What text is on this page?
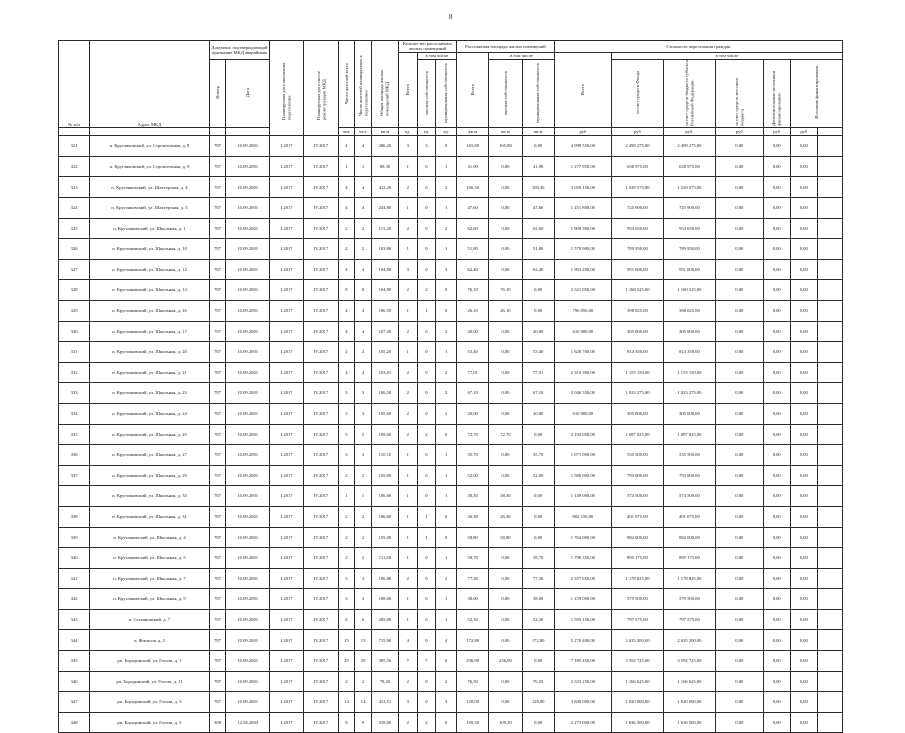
8
№ п/п	Адрес МКД	Документ, подтверждающий признание МКД аварийным		Планируемая дата окончания переселения	Планируемая дата сноса/ реконструкции МКД	Число жителей всего	Число жителей планируемых к переселению	Общая площадь жилых помещений МКД	Количество расселяемых жилых помещений			Расселяемая площадь жилых помещений			Стоимость переселения граждан						
									Всего	в том числе		Всего	в том числе		Всего	в том числе					
		Номер	Дата							частная собственность	муниципальная собственность		частная собственность	муниципальная собственность		за счет средств Фонда	за счет средств бюджета субъекта Российской Федерации	за счет средств местного бюджета	Дополнительные источники финансирования	Источник финансирования	
						чел.	чел.	кв.м	ед.	ед.	ед.	кв.м	кв.м	кв.м	руб	руб	руб.	руб	руб	руб	
321	п. Кругликовский, ул. Строительная, д. 8	787	10.09.2001	I.2017	IV.2017	4	4	286,20	3	3	0	165,80	165,80	0,00	4 998 550,00	2 499 275,00	2 499 275,00	0,00	0,00	0,00	
322	п. Кругликовский, ул. Строительная, д. 9	787	10.09.2001	I.2017	IV.2017	1	1	80,30	1	0	1	41,90	0,00	41,90	1 277 950,00	638 975,00	638 975,00	0,00	0,00	0,00	
323	п. Кругликовский, ул. Шахтерская, д. 4	787	10.09.2001	I.2017	IV.2017	4	4	412,20	2	0	2	100,30	0,00	100,30	3 059 150,00	1 529 575,00	1 529 575,00	0,00	0,00	0,00	
324	п. Кругликовский, ул. Шахтерская, д. 5	787	10.09.2001	I.2017	IV.2017	4	4	234,80	1	0	1	47,60	0,00	47,60	1 451 800,00	725 900,00	725 900,00	0,00	0,00	0,00	
325	п. Кругликовский, ул. Школьная, д. 1	787	10.09.2001	I.2017	IV.2017	2	2	115,20	2	0	2	62,60	0,00	62,60	1 909 300,00	954 650,00	954 650,00	0,00	0,00	0,00	
326	п. Кругликовский, ул. Школьная, д. 10	787	10.09.2001	I.2017	IV.2017	2	2	103,80	1	0	1	51,80	0,00	51,80	1 579 900,00	789 950,00	789 950,00	0,00	0,00	0,00	
327	п. Кругликовский, ул. Школьная, д. 12	787	10.09.2001	I.2017	IV.2017	4	4	104,90	3	0	3	62,40	0,00	62,40	1 903 200,00	951 600,00	951 600,00	0,00	0,00	0,00	
328	п. Кругликовский, ул. Школьная, д. 14	787	10.09.2001	I.2017	IV.2017	8	8	104,90	2	2	0	76,10	76,10	0,00	2 321 050,00	1 160 525,00	1 160 525,00	0,00	0,00	0,00	
329	п. Кругликовский, ул. Школьная, д. 16	787	10.09.2001	I.2017	IV.2017	4	4	106,50	1	1	0	26,10	26,10	0,00	796 050,00	398 025,00	398 025,00	0,00	0,00	0,00	
330	п. Кругликовский, ул. Школьная, д. 17	787	10.09.2001	I.2017	IV.2017	4	4	107,30	2	0	2	20,00	0,00	20,00	610 000,00	305 000,00	305 000,00	0,00	0,00	0,00	
331	п. Кругликовский, ул. Школьная, д. 20	787	10.09.2001	I.2017	IV.2017	2	2	105,20	1	0	1	53,40	0,00	53,40	1 628 700,00	814 350,00	814 350,00	0,00	0,00	0,00	
332	п. Кругликовский, ул. Школьная, д. 21	787	10.09.2001	I.2017	IV.2017	4	4	103,81	2	0	2	77,01	0,00	77,01	2 310 300,00	1 155 150,00	1 155 150,00	0,00	0,00	0,00	
333	п. Кругликовский, ул. Школьная, д. 23	787	10.09.2001	I.2017	IV.2017	3	3	106,50	2	0	2	67,10	0,00	67,10	2 046 550,00	1 023 275,00	1 023 275,00	0,00	0,00	0,00	
334	п. Кругликовский, ул. Школьная, д. 24	787	10.09.2001	I.2017	IV.2017	3	3	105,60	2	0	2	20,00	0,00	20,00	610 000,00	305 000,00	305 000,00	0,00	0,00	0,00	
335	п. Кругликовский, ул. Школьная, д. 25	787	10.09.2001	I.2017	IV.2017	5	5	109,60	2	2	0	72,70	72,70	0,00	2 194 050,00	1 097 025,00	1 097 025,00	0,00	0,00	0,00	
336	п. Кругликовский, ул. Школьная, д. 27	787	10.09.2001	I.2017	IV.2017	3	3	110,10	1	0	1	35,70	0,00	35,70	1 071 000,00	535 500,00	535 500,00	0,00	0,00	0,00	
337	п. Кругликовский, ул. Школьная, д. 29	787	10.09.2001	I.2017	IV.2017	2	2	105,90	1	0	1	52,00	0,00	52,00	1 586 000,00	793 000,00	793 000,00	0,00	0,00	0,00	
	п. Кругликовский, ул. Школьная, д. 33	787	10.09.2001	I.2017	IV.2017	1	1	106,60	1	0	1	38,30	38,30	0,00	1 149 000,00	574 500,00	574 500,00	0,00	0,00	0,00	
338	п. Кругликовский, ул. Школьная, д. 31	787	10.09.2001	I.2017	IV.2017	2	2	106,60	1	1	0	26,30	26,30	0,00	802 150,00	401 075,00	401 075,00	0,00	0,00	0,00	
339	п. Кругликовский, ул. Школьная, д. 4	787	10.09.2001	I.2017	IV.2017	2	2	105,00	1	1	0	58,80	58,80	0,00	1 764 000,00	882 000,00	882 000,00	0,00	0,00	0,00	
340	п. Кругликовский, ул. Школьная, д. 5	787	10.09.2001	I.2017	IV.2017	2	2	111,60	1	0	1	58,70	0,00	58,70	1 790 350,00	895 175,00	895 175,00	0,00	0,00	0,00	
341	п. Кругликовский, ул. Школьная, д. 7	787	10.09.2001	I.2017	IV.2017	3	3	106,80	2	0	2	77,30	0,00	77,30	2 357 650,00	1 178 825,00	1 178 825,00	0,00	0,00	0,00	
342	п. Кругликовский, ул. Школьная, д. 9	787	10.09.2001	I.2017	IV.2017	3	3	108,00	1	0	1	38,00	0,00	38,00	1 159 000,00	579 500,00	579 500,00	0,00	0,00	0,00	
343	п. Стахановский, д. 7	787	10.09.2001	I.2017	IV.2017	6	6	205,00	1	0	1	52,30	0,00	52,30	1 595 150,00	797 575,00	797 575,00	0,00	0,00	0,00	
344	п. Фитисов, д. 2	787	10.09.2001	I.2017	IV.2017	15	13	715,90	4	0	4	172,80	0,00	172,80	5 270 400,00	2 635 200,00	2 635 200,00	0,00	0,00	0,00	
345	рп. Бородинский, ул. Гоголя, д. 1	787	10.09.2001	I.2017	IV.2017	29	29	395,56	7	7	0	236,90	236,90	0,00	7 185 450,00	3 592 725,00	3 592 725,00	0,00	0,00	0,00	
346	рп. Бородинский, ул. Гоголя, д. 11	787	10.09.2001	I.2017	IV.2017	2	2	79,20	2	0	2	76,50	0,00	76,50	2 333 250,00	1 166 625,00	1 166 625,00	0,00	0,00	0,00	
347	рп. Бородинский, ул. Гоголя, д. 3	787	10.09.2001	I.2017	IV.2017	14	14	413,51	3	0	3	128,00	0,00	128,00	3 840 000,00	1 920 000,00	1 920 000,00	0,00	0,00	0,00	
348	рп. Бородинский, ул. Гоголя, д. 5	380	12.04.2004	I.2017	IV.2017	9	9	419,00	2	2	0	109,30	109,30	0,00	3 273 000,00	1 636 500,00	1 636 500,00	0,00	0,00	0,00	
